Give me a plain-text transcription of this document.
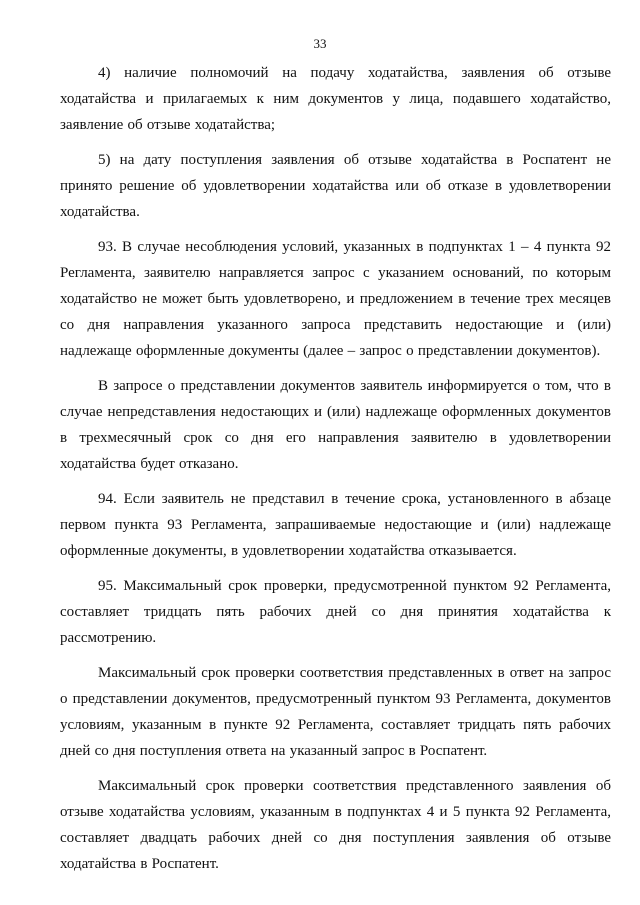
33

4) наличие полномочий на подачу ходатайства, заявления об отзыве ходатайства и прилагаемых к ним документов у лица, подавшего ходатайство, заявление об отзыве ходатайства;

5) на дату поступления заявления об отзыве ходатайства в Роспатент не принято решение об удовлетворении ходатайства или об отказе в удовлетворении ходатайства.

93. В случае несоблюдения условий, указанных в подпунктах 1 – 4 пункта 92 Регламента, заявителю направляется запрос с указанием оснований, по которым ходатайство не может быть удовлетворено, и предложением в течение трех месяцев со дня направления указанного запроса представить недостающие и (или) надлежаще оформленные документы (далее – запрос о представлении документов).

В запросе о представлении документов заявитель информируется о том, что в случае непредставления недостающих и (или) надлежаще оформленных документов в трехмесячный срок со дня его направления заявителю в удовлетворении ходатайства будет отказано.

94. Если заявитель не представил в течение срока, установленного в абзаце первом пункта 93 Регламента, запрашиваемые недостающие и (или) надлежаще оформленные документы, в удовлетворении ходатайства отказывается.

95. Максимальный срок проверки, предусмотренной пунктом 92 Регламента, составляет тридцать пять рабочих дней со дня принятия ходатайства к рассмотрению.

Максимальный срок проверки соответствия представленных в ответ на запрос о представлении документов, предусмотренный пунктом 93 Регламента, документов условиям, указанным в пункте 92 Регламента, составляет тридцать пять рабочих дней со дня поступления ответа на указанный запрос в Роспатент.

Максимальный срок проверки соответствия представленного заявления об отзыве ходатайства условиям, указанным в подпунктах 4 и 5 пункта 92 Регламента, составляет двадцать рабочих дней со дня поступления заявления об отзыве ходатайства в Роспатент.
